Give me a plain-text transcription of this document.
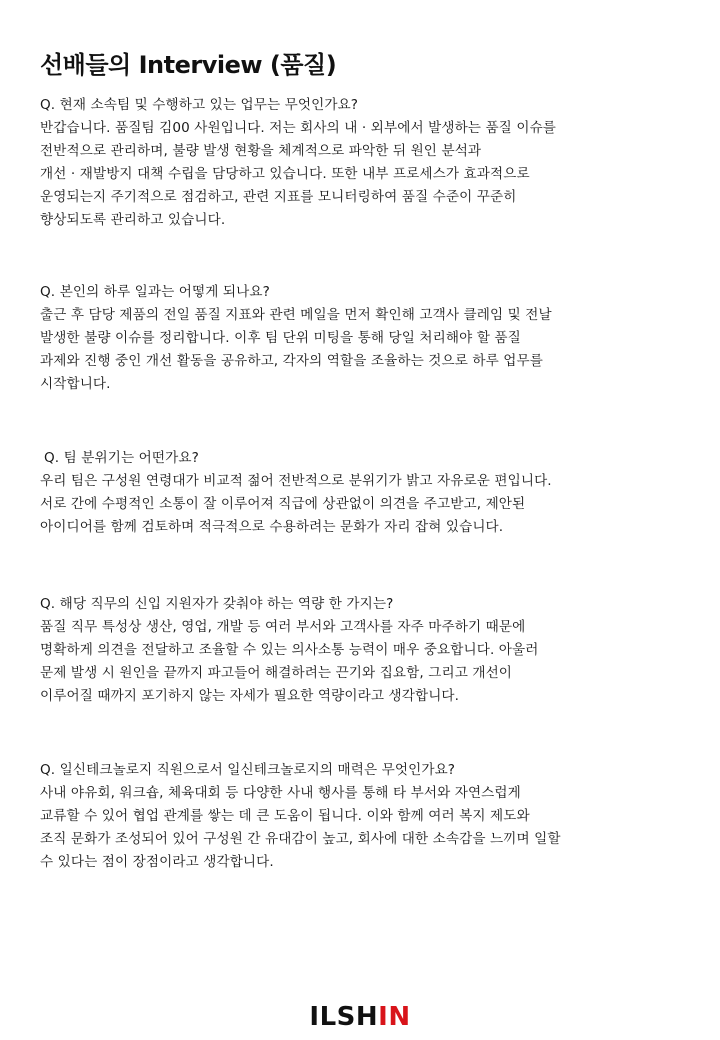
선배들의 Interview (품질)
Q. 현재 소속팀 및 수행하고 있는 업무는 무엇인가요?
반갑습니다. 품질팀 김00 사원입니다. 저는 회사의 내 · 외부에서 발생하는 품질 이슈를
전반적으로 관리하며, 불량 발생 현황을 체계적으로 파악한 뒤 원인 분석과
개선 · 재발방지 대책 수립을 담당하고 있습니다. 또한 내부 프로세스가 효과적으로
운영되는지 주기적으로 점검하고, 관련 지표를 모니터링하여 품질 수준이 꾸준히
향상되도록 관리하고 있습니다.
Q. 본인의 하루 일과는 어떻게 되나요?
출근 후 담당 제품의 전일 품질 지표와 관련 메일을 먼저 확인해 고객사 클레임 및 전날
발생한 불량 이슈를 정리합니다. 이후 팀 단위 미팅을 통해 당일 처리해야 할 품질
과제와 진행 중인 개선 활동을 공유하고, 각자의 역할을 조율하는 것으로 하루 업무를
시작합니다.
Q. 팀 분위기는 어떤가요?
우리 팀은 구성원 연령대가 비교적 젊어 전반적으로 분위기가 밝고 자유로운 편입니다.
서로 간에 수평적인 소통이 잘 이루어져 직급에 상관없이 의견을 주고받고, 제안된
아이디어를 함께 검토하며 적극적으로 수용하려는 문화가 자리 잡혀 있습니다.
Q. 해당 직무의 신입 지원자가 갖춰야 하는 역량 한 가지는?
품질 직무 특성상 생산, 영업, 개발 등 여러 부서와 고객사를 자주 마주하기 때문에
명확하게 의견을 전달하고 조율할 수 있는 의사소통 능력이 매우 중요합니다. 아울러
문제 발생 시 원인을 끝까지 파고들어 해결하려는 끈기와 집요함, 그리고 개선이
이루어질 때까지 포기하지 않는 자세가 필요한 역량이라고 생각합니다.
Q. 일신테크놀로지 직원으로서 일신테크놀로지의 매력은 무엇인가요?
사내 야유회, 워크숍, 체육대회 등 다양한 사내 행사를 통해 타 부서와 자연스럽게
교류할 수 있어 협업 관계를 쌓는 데 큰 도움이 됩니다. 이와 함께 여러 복지 제도와
조직 문화가 조성되어 있어 구성원 간 유대감이 높고, 회사에 대한 소속감을 느끼며 일할
수 있다는 점이 장점이라고 생각합니다.
ILSHIN
